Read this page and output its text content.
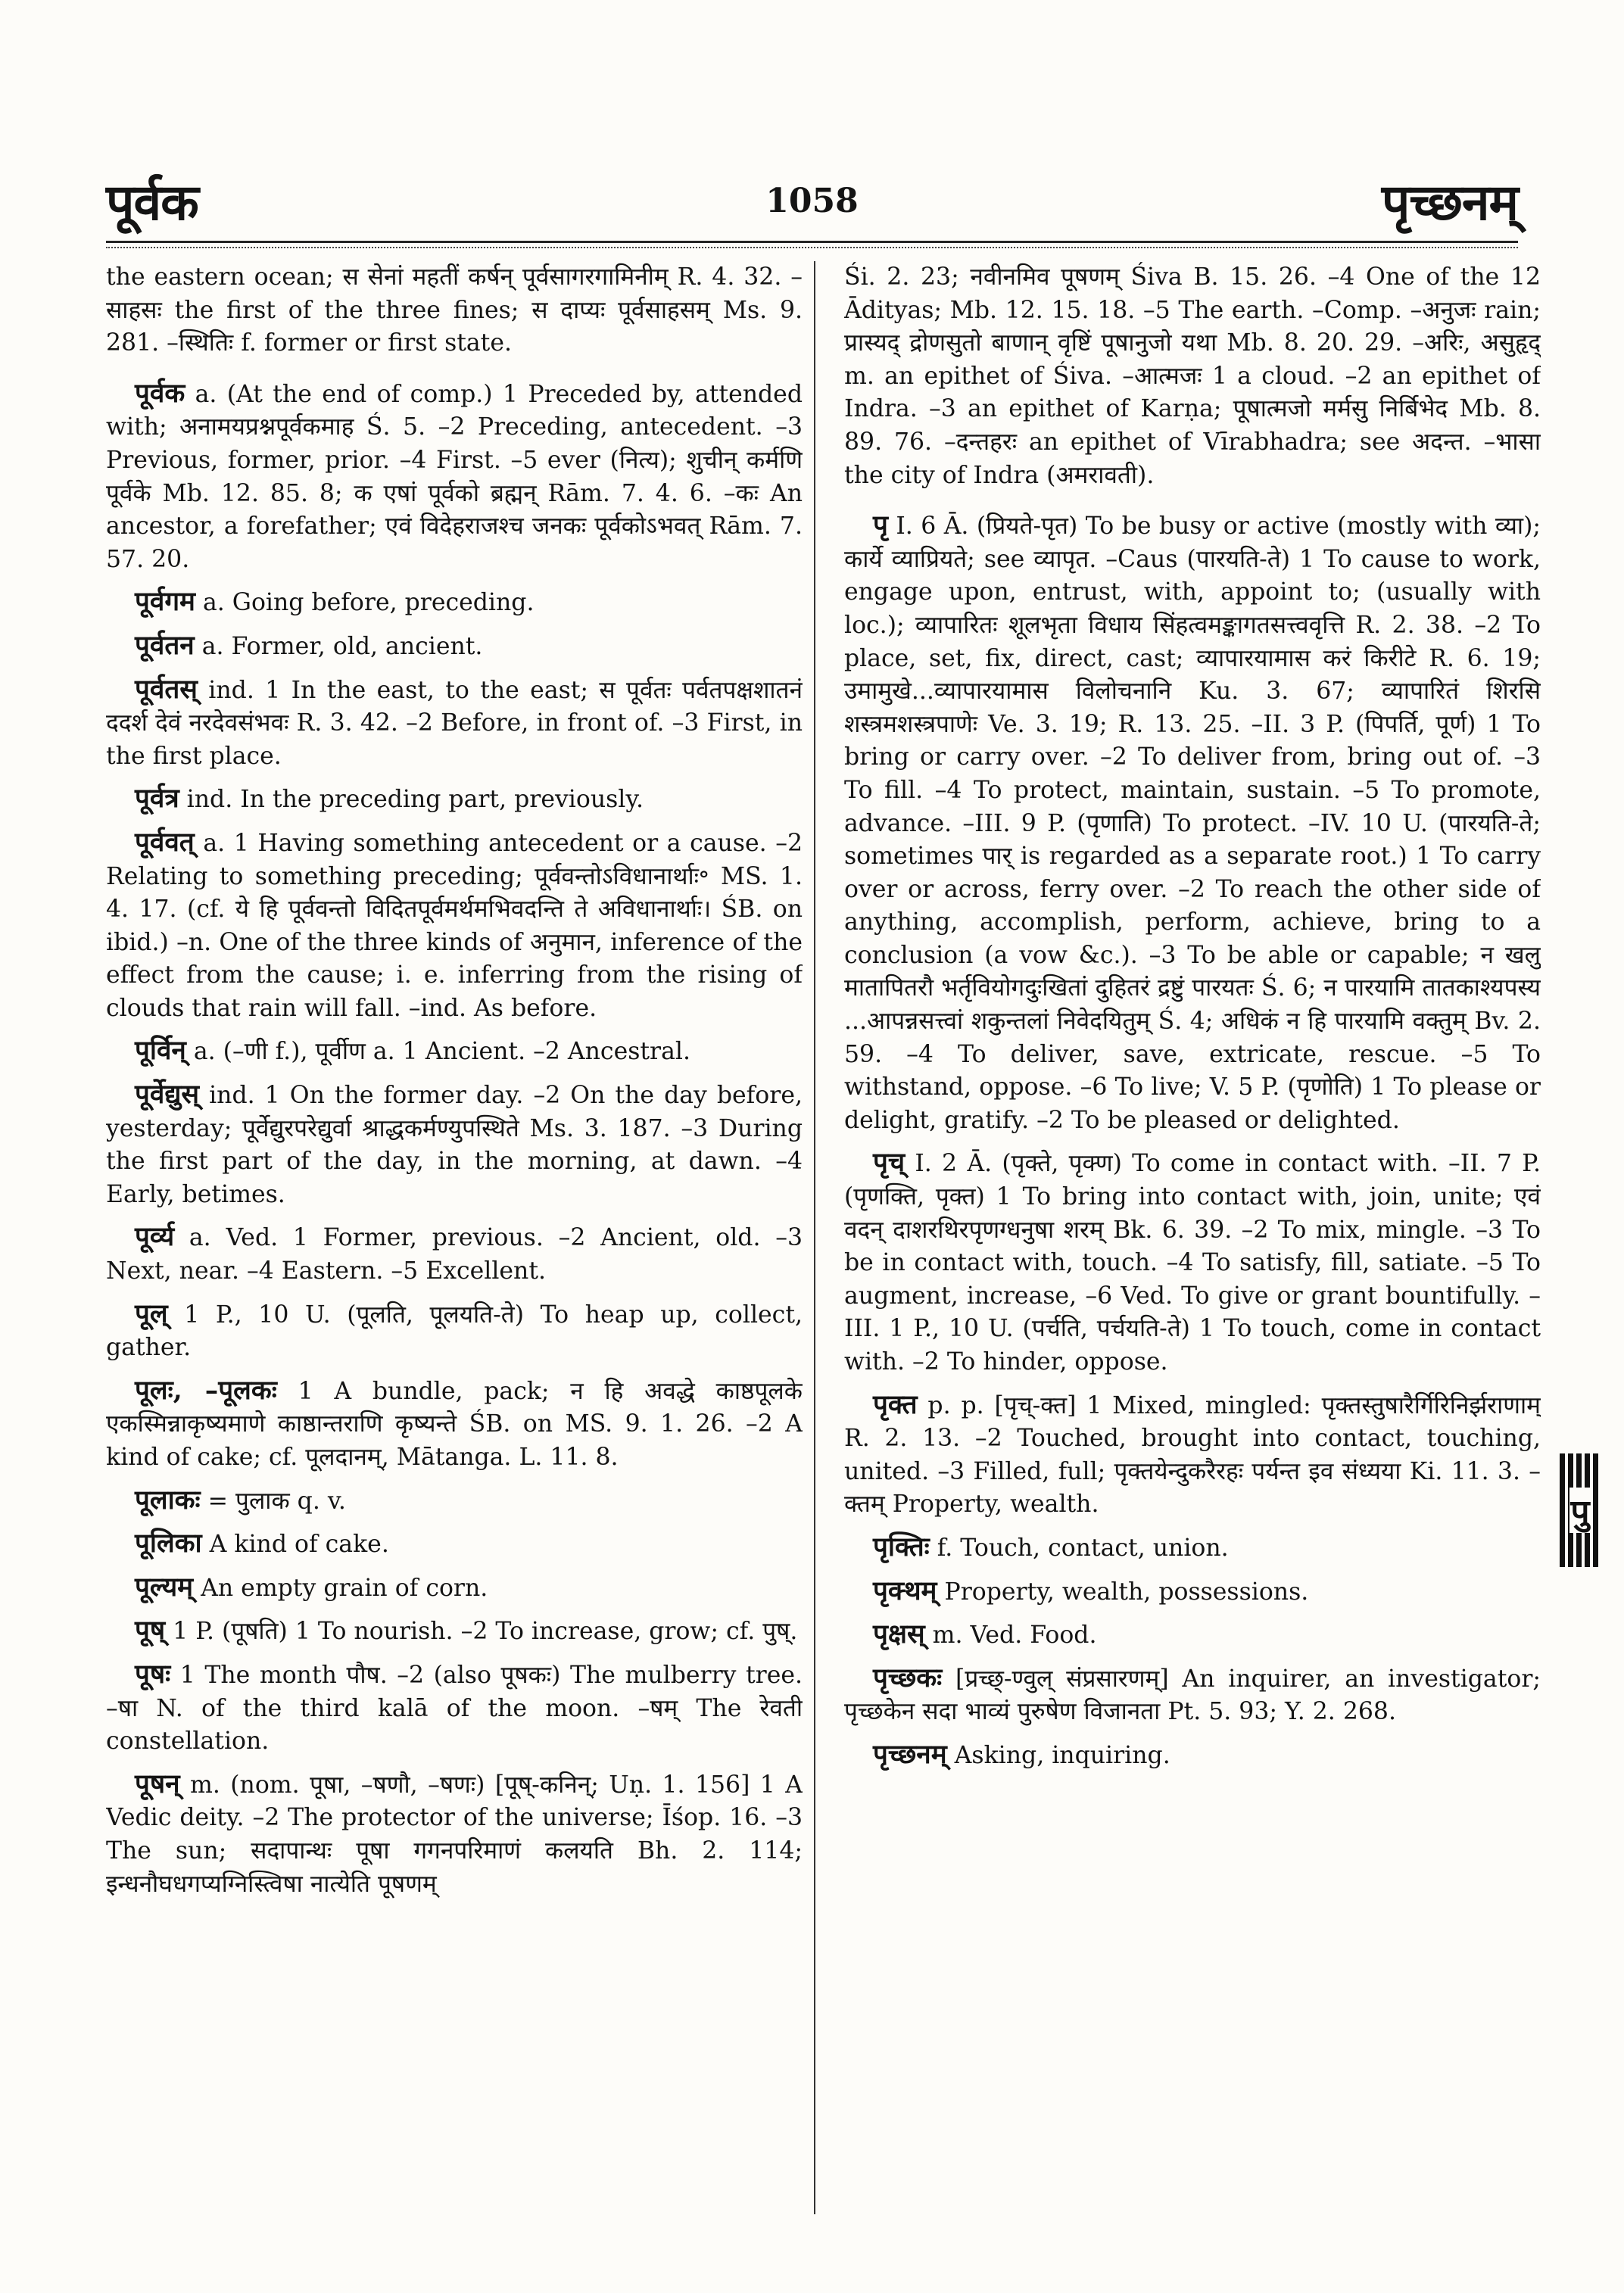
पूर्वक	1058	पृच्छनम्

the eastern ocean; स सेनां महतीं कर्षन् पूर्वसागरगामिनीम् R. 4. 32. –साहसः the first of the three fines; स दाप्यः पूर्वसाहसम् Ms. 9. 281. –स्थितिः f. former or first state.

पूर्वक a. (At the end of comp.) 1 Preceded by, attended with; अनामयप्रश्नपूर्वकमाह Ś. 5. –2 Preceding, antecedent. –3 Previous, former, prior. –4 First. –5 ever (नित्य); शुचीन् कर्मणि पूर्वके Mb. 12. 85. 8; क एषां पूर्वको ब्रह्मन् Rām. 7. 4. 6. –कः An ancestor, a forefather; एवं विदेहराजश्च जनकः पूर्वकोऽभवत् Rām. 7. 57. 20.

पूर्वगम a. Going before, preceding.

पूर्वतन a. Former, old, ancient.

पूर्वतस् ind. 1 In the east, to the east; स पूर्वतः पर्वतपक्षशातनं ददर्श देवं नरदेवसंभवः R. 3. 42. –2 Before, in front of. –3 First, in the first place.

पूर्वत्र ind. In the preceding part, previously.

पूर्ववत् a. 1 Having something antecedent or a cause. –2 Relating to something preceding; पूर्ववन्तोऽविधानार्थाः॰ MS. 1. 4. 17. (cf. ये हि पूर्ववन्तो विदितपूर्वमर्थमभिवदन्ति ते अविधानार्थाः। ŚB. on ibid.) –n. One of the three kinds of अनुमान, inference of the effect from the cause; i. e. inferring from the rising of clouds that rain will fall. –ind. As before.

पूर्विन् a. (–णी f.), पूर्वीण a. 1 Ancient. –2 Ancestral.

पूर्वेद्युस् ind. 1 On the former day. –2 On the day before, yesterday; पूर्वेद्युरपरेद्युर्वा श्राद्धकर्मण्युपस्थिते Ms. 3. 187. –3 During the first part of the day, in the morning, at dawn. –4 Early, betimes.

पूर्व्य a. Ved. 1 Former, previous. –2 Ancient, old. –3 Next, near. –4 Eastern. –5 Excellent.

पूल् 1 P., 10 U. (पूलति, पूलयति-ते) To heap up, collect, gather.

पूलः, –पूलकः 1 A bundle, pack; न हि अवद्धे काष्ठपूलके एकस्मिन्नाकृष्यमाणे काष्ठान्तराणि कृष्यन्ते ŚB. on MS. 9. 1. 26. –2 A kind of cake; cf. पूलदानम्, Mātanga. L. 11. 8.

पूलाकः = पुलाक q. v.

पूलिका A kind of cake.

पूल्यम् An empty grain of corn.

पूष् 1 P. (पूषति) 1 To nourish. –2 To increase, grow; cf. पुष्.

पूषः 1 The month पौष. –2 (also पूषकः) The mulberry tree. –षा N. of the third kalā of the moon. –षम् The रेवती constellation.

पूषन् m. (nom. पूषा, –षणौ, –षणः) [पूष्-कनिन्; Uṇ. 1. 156] 1 A Vedic deity. –2 The protector of the universe; Īśop. 16. –3 The sun; सदापान्थः पूषा गगनपरिमाणं कलयति Bh. 2. 114; इन्धनौघधगप्यग्निस्त्विषा नात्येति पूषणम्

Śi. 2. 23; नवीनमिव पूषणम् Śiva B. 15. 26. –4 One of the 12 Ādityas; Mb. 12. 15. 18. –5 The earth. –Comp. –अनुजः rain; प्रास्यद् द्रोणसुतो बाणान् वृष्टिं पूषानुजो यथा Mb. 8. 20. 29. –अरिः, असुहृद् m. an epithet of Śiva. –आत्मजः 1 a cloud. –2 an epithet of Indra. –3 an epithet of Karṇa; पूषात्मजो मर्मसु निर्बिभेद Mb. 8. 89. 76. –दन्तहरः an epithet of Vīrabhadra; see अदन्त. –भासा the city of Indra (अमरावती).

पृ I. 6 Ā. (प्रियते-पृत) To be busy or active (mostly with व्या); कार्ये व्याप्रियते; see व्यापृत. –Caus (पारयति-ते) 1 To cause to work, engage upon, entrust, with, appoint to; (usually with loc.); व्यापारितः शूलभृता विधाय सिंहत्वमङ्कागतसत्त्ववृत्ति R. 2. 38. –2 To place, set, fix, direct, cast; व्यापारयामास करं किरीटे R. 6. 19; उमामुखे...व्यापारयामास विलोचनानि Ku. 3. 67; व्यापारितं शिरसि शस्त्रमशस्त्रपाणेः Ve. 3. 19; R. 13. 25. –II. 3 P. (पिपर्ति, पूर्ण) 1 To bring or carry over. –2 To deliver from, bring out of. –3 To fill. –4 To protect, maintain, sustain. –5 To promote, advance. –III. 9 P. (पृणाति) To protect. –IV. 10 U. (पारयति-ते; sometimes पार् is regarded as a separate root.) 1 To carry over or across, ferry over. –2 To reach the other side of anything, accomplish, perform, achieve, bring to a conclusion (a vow &c.). –3 To be able or capable; न खलु मातापितरौ भर्तृवियोगदुःखितां दुहितरं द्रष्टुं पारयतः Ś. 6; न पारयामि तातकाश्यपस्य ...आपन्नसत्त्वां शकुन्तलां निवेदयितुम् Ś. 4; अधिकं न हि पारयामि वक्तुम् Bv. 2. 59. –4 To deliver, save, extricate, rescue. –5 To withstand, oppose. –6 To live; V. 5 P. (पृणोति) 1 To please or delight, gratify. –2 To be pleased or delighted.

पृच् I. 2 Ā. (पृक्ते, पृक्ण) To come in contact with. –II. 7 P. (पृणक्ति, पृक्त) 1 To bring into contact with, join, unite; एवं वदन् दाशरथिरपृणग्धनुषा शरम् Bk. 6. 39. –2 To mix, mingle. –3 To be in contact with, touch. –4 To satisfy, fill, satiate. –5 To augment, increase, –6 Ved. To give or grant bountifully. –III. 1 P., 10 U. (पर्चति, पर्चयति-ते) 1 To touch, come in contact with. –2 To hinder, oppose.

पृक्त p. p. [पृच्-क्त] 1 Mixed, mingled: पृक्तस्तुषारैर्गिरिनिर्झराणाम् R. 2. 13. –2 Touched, brought into contact, touching, united. –3 Filled, full; पृक्तयेन्दुकरैरहः पर्यन्त इव संध्यया Ki. 11. 3. –क्तम् Property, wealth.

पृक्तिः f. Touch, contact, union.

पृक्थम् Property, wealth, possessions.

पृक्षस् m. Ved. Food.

पृच्छकः [प्रच्छ्-ण्वुल् संप्रसारणम्] An inquirer, an investigator; पृच्छकेन सदा भाव्यं पुरुषेण विजानता Pt. 5. 93; Y. 2. 268.

पृच्छनम् Asking, inquiring.

पु
